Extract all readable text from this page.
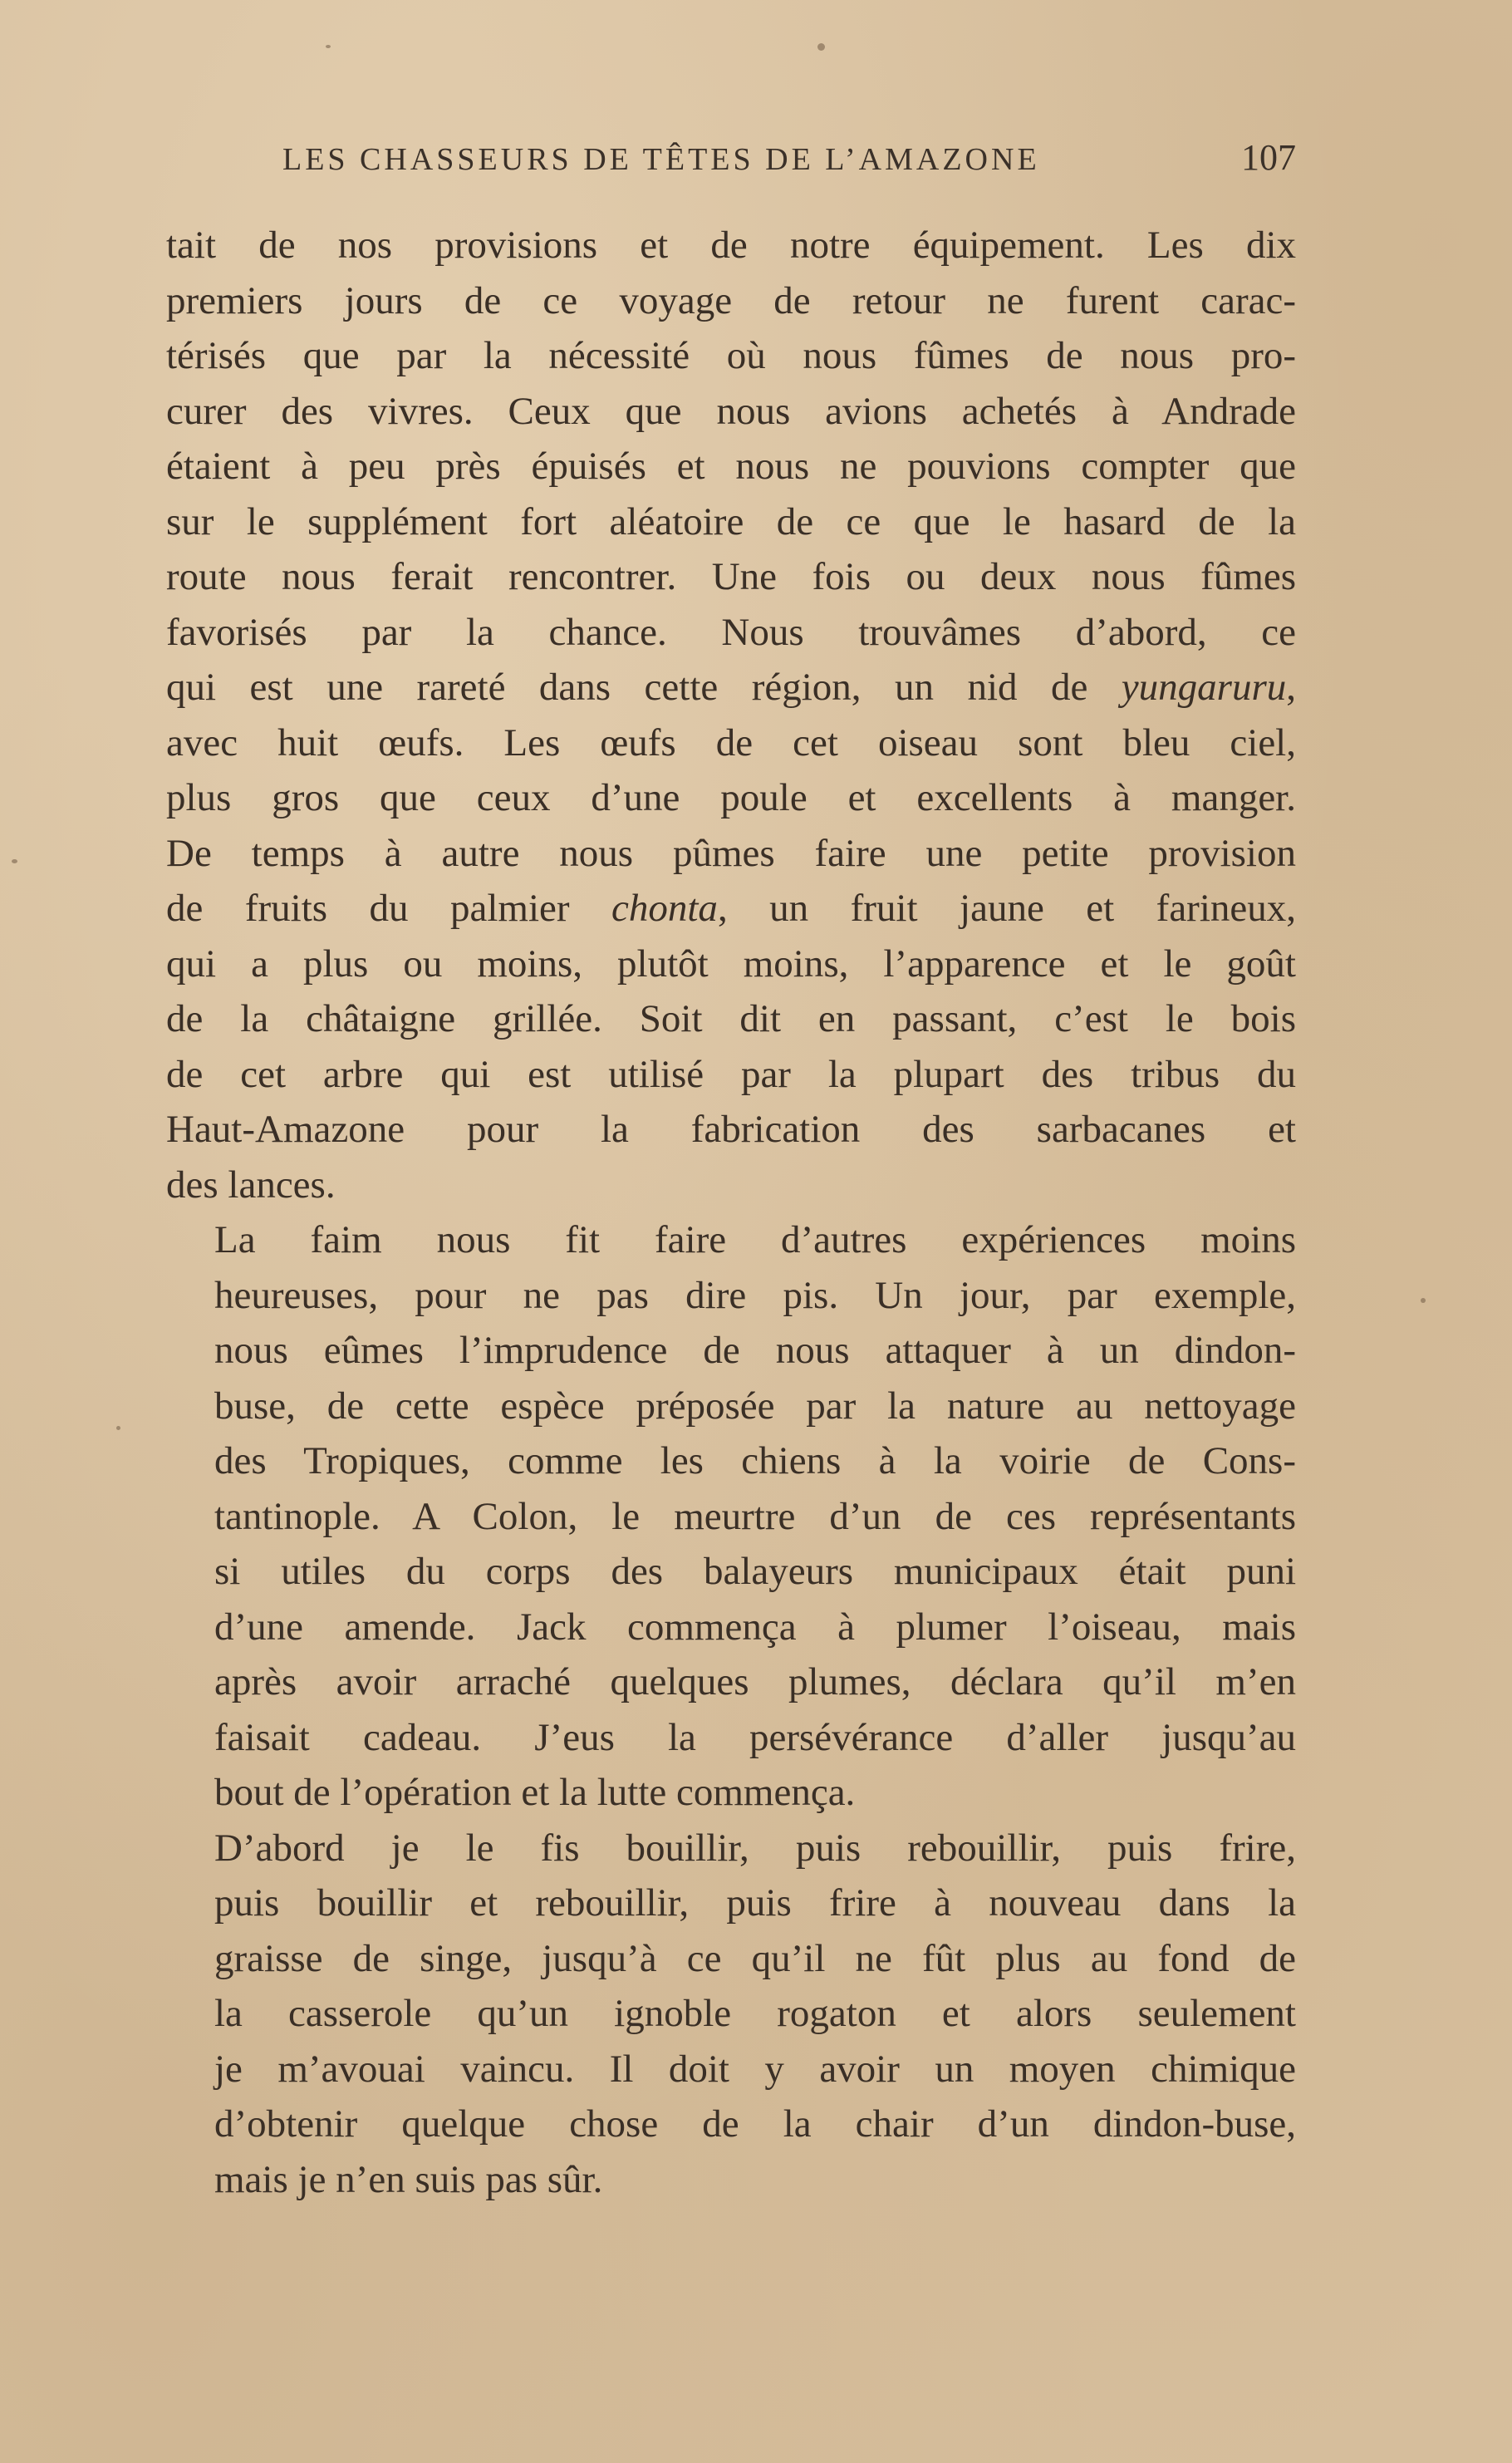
LES CHASSEURS DE TÊTES DE L’AMAZONE	107

tait de nos provisions et de notre équipement. Les dix
premiers jours de ce voyage de retour ne furent carac-
térisés que par la nécessité où nous fûmes de nous pro-
curer des vivres. Ceux que nous avions achetés à Andrade
étaient à peu près épuisés et nous ne pouvions compter que
sur le supplément fort aléatoire de ce que le hasard de la
route nous ferait rencontrer. Une fois ou deux nous fûmes
favorisés par la chance. Nous trouvâmes d’abord, ce
qui est une rareté dans cette région, un nid de yungaruru,
avec huit œufs. Les œufs de cet oiseau sont bleu ciel,
plus gros que ceux d’une poule et excellents à manger.
De temps à autre nous pûmes faire une petite provision
de fruits du palmier chonta, un fruit jaune et farineux,
qui a plus ou moins, plutôt moins, l’apparence et le goût
de la châtaigne grillée. Soit dit en passant, c’est le bois
de cet arbre qui est utilisé par la plupart des tribus du
Haut-Amazone pour la fabrication des sarbacanes et
des lances.

La faim nous fit faire d’autres expériences moins
heureuses, pour ne pas dire pis. Un jour, par exemple,
nous eûmes l’imprudence de nous attaquer à un dindon-
buse, de cette espèce préposée par la nature au nettoyage
des Tropiques, comme les chiens à la voirie de Cons-
tantinople. A Colon, le meurtre d’un de ces représentants
si utiles du corps des balayeurs municipaux était puni
d’une amende. Jack commença à plumer l’oiseau, mais
après avoir arraché quelques plumes, déclara qu’il m’en
faisait cadeau. J’eus la persévérance d’aller jusqu’au
bout de l’opération et la lutte commença.

D’abord je le fis bouillir, puis rebouillir, puis frire,
puis bouillir et rebouillir, puis frire à nouveau dans la
graisse de singe, jusqu’à ce qu’il ne fût plus au fond de
la casserole qu’un ignoble rogaton et alors seulement
je m’avouai vaincu. Il doit y avoir un moyen chimique
d’obtenir quelque chose de la chair d’un dindon-buse,
mais je n’en suis pas sûr.
